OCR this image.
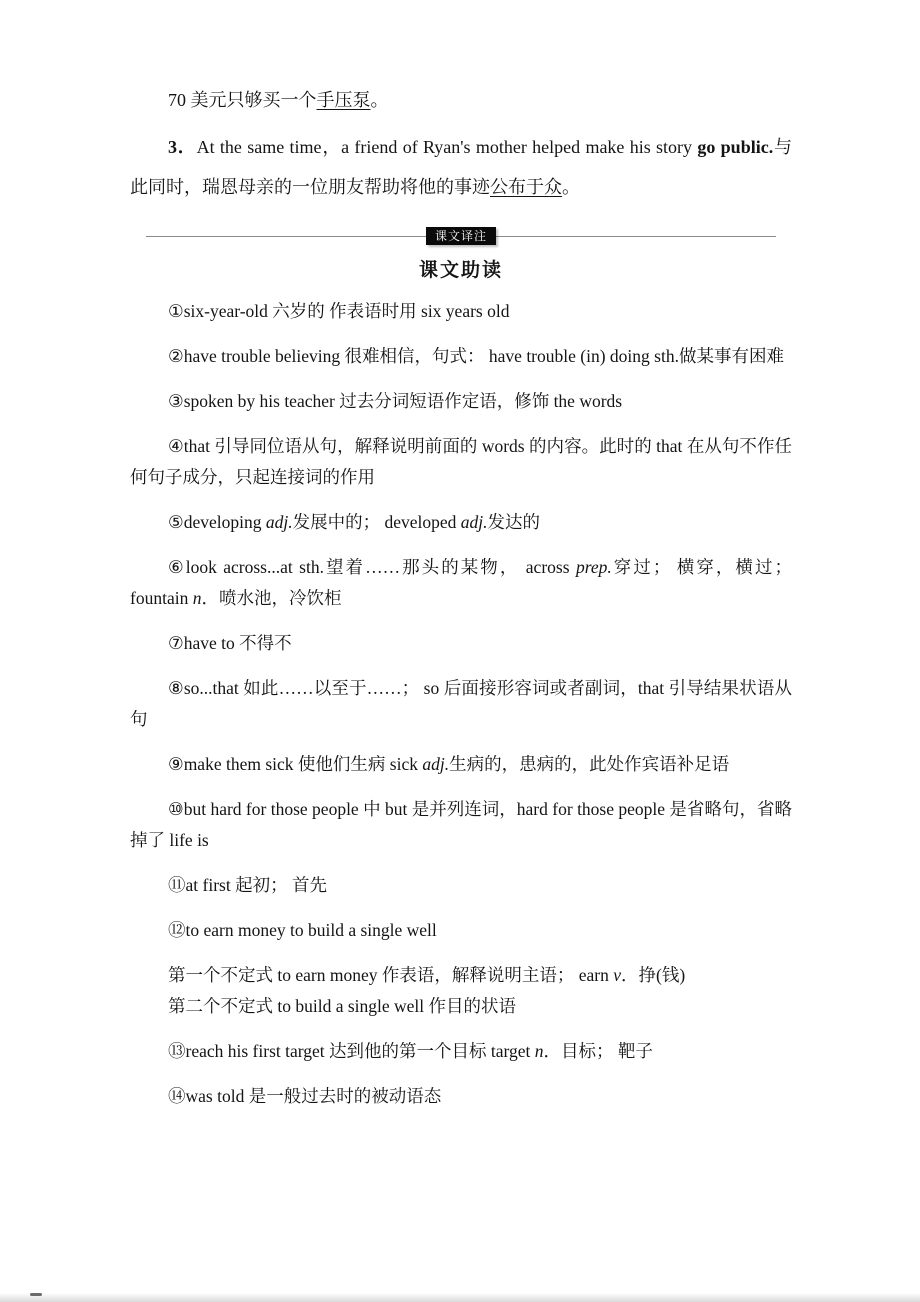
70 美元只够买一个手压泵。

3．At the same time，a friend of Ryan's mother helped make his story go public.与此同时，瑞恩母亲的一位朋友帮助将他的事迹公布于众。

课文译注
课文助读

①six-year-old 六岁的 作表语时用 six years old

②have trouble believing 很难相信，句式： have trouble (in) doing sth.做某事有困难

③spoken by his teacher 过去分词短语作定语，修饰 the words

④that 引导同位语从句，解释说明前面的 words 的内容。此时的 that 在从句不作任何句子成分，只起连接词的作用

⑤developing adj.发展中的； developed adj.发达的

⑥look across...at sth.望着……那头的某物， across prep.穿过； 横穿，横过； fountain n．喷水池，冷饮柜

⑦have to 不得不

⑧so...that 如此……以至于……； so 后面接形容词或者副词，that 引导结果状语从句

⑨make them sick 使他们生病 sick adj.生病的，患病的，此处作宾语补足语

⑩but hard for those people 中 but 是并列连词，hard for those people 是省略句，省略掉了 life is

⑪at first 起初； 首先

⑫to earn money to build a single well

第一个不定式 to earn money 作表语，解释说明主语； earn v．挣(钱)

第二个不定式 to build a single well 作目的状语

⑬reach his first target 达到他的第一个目标 target n．目标； 靶子

⑭was told 是一般过去时的被动语态
